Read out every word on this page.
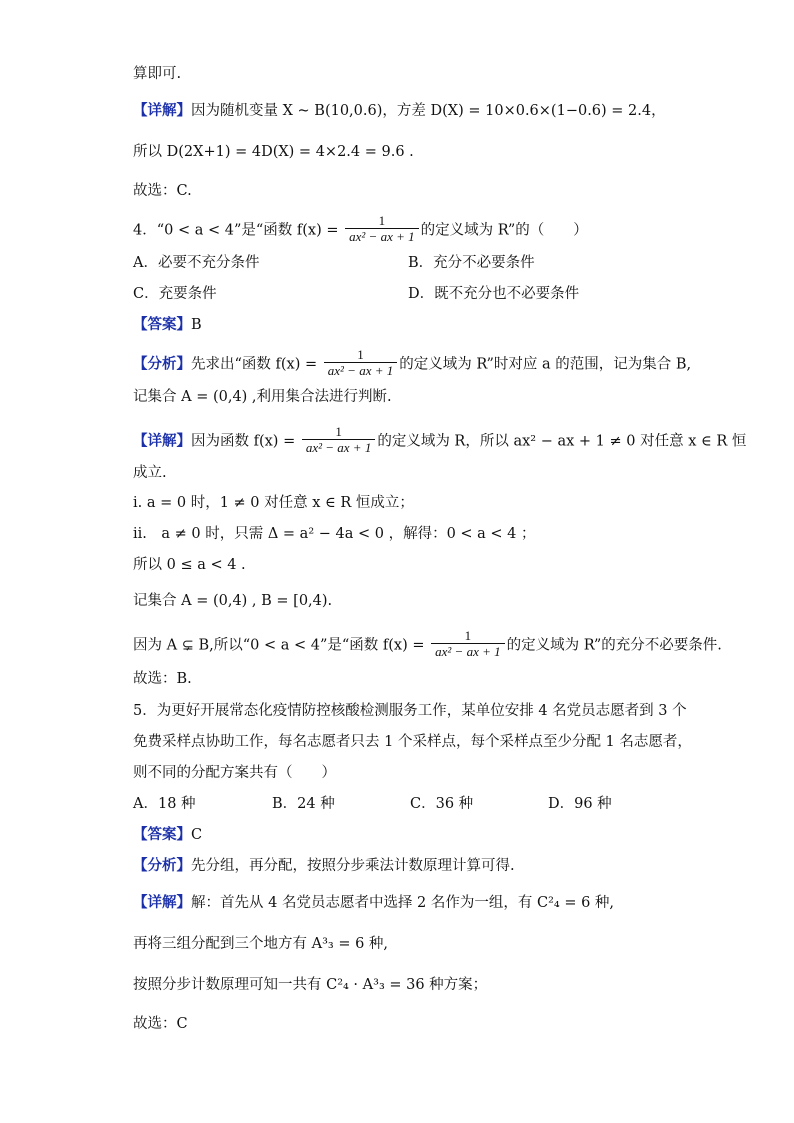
算即可.
【详解】因为随机变量 X ~ B(10,0.6)，方差 D(X) = 10×0.6×(1−0.6) = 2.4，
所以 D(2X+1) = 4D(X) = 4×2.4 = 9.6 .
故选：C.
4．“0 < a < 4”是“函数 $f(x) = \frac{1}{\text{ax² − ax + 1}}$ 的定义域为 R”的（　　）
A．必要不充分条件	B．充分不必要条件
C．充要条件	D．既不充分也不必要条件
【答案】B
【分析】先求出“函数 $f(x) = \frac{1}{\text{ax² − ax + 1}}$ 的定义域为 R”时对应 a 的范围，记为集合 B,
记集合 A = (0,4) ,利用集合法进行判断.
【详解】因为函数 $f(x) = \frac{1}{\text{ax² − ax + 1}}$ 的定义域为 R，所以 ax² − ax + 1 ≠ 0 对任意 x ∈ R 恒
成立.
i. a = 0 时，1 ≠ 0 对任意 x ∈ R 恒成立；
ii.　a ≠ 0 时，只需 Δ = a² − 4a < 0 ，解得：0 < a < 4 ；
所以 0 ≤ a < 4 .
记集合 A = (0,4) , B = [0,4).
因为 A ⊊ B,所以“0 < a < 4”是“函数 $f(x) = \frac{1}{\text{ax² − ax + 1}}$ 的定义域为 R”的充分不必要条件.
故选：B.
5．为更好开展常态化疫情防控核酸检测服务工作，某单位安排 4 名党员志愿者到 3 个
免费采样点协助工作，每名志愿者只去 1 个采样点，每个采样点至少分配 1 名志愿者，
则不同的分配方案共有（　　）
A．18 种	B．24 种	C．36 种	D．96 种
【答案】C
【分析】先分组，再分配，按照分步乘法计数原理计算可得.
【详解】解：首先从 4 名党员志愿者中选择 2 名作为一组，有 C²₄ = 6 种,
再将三组分配到三个地方有 A³₃ = 6 种,
按照分步计数原理可知一共有 C²₄ · A³₃ = 36 种方案；
故选：C
